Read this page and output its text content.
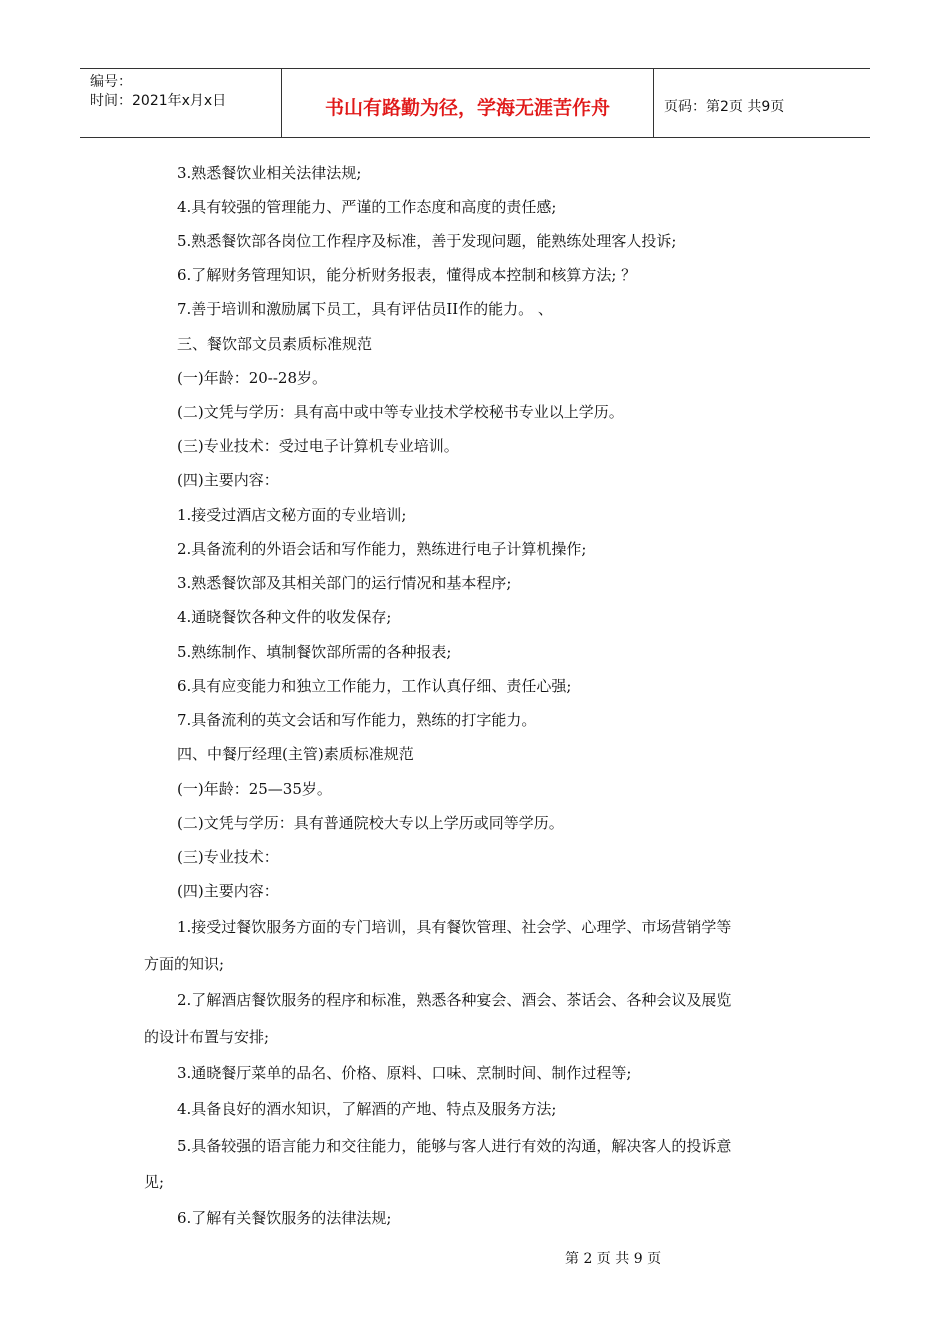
编号：
时间：2021年x月x日	书山有路勤为径，学海无涯苦作舟	页码：第2页 共9页
3.熟悉餐饮业相关法律法规;
4.具有较强的管理能力、严谨的工作态度和高度的责任感;
5.熟悉餐饮部各岗位工作程序及标准，善于发现问题，能熟练处理客人投诉;
6.了解财务管理知识，能分析财务报表，懂得成本控制和核算方法; ？
7.善于培训和激励属下员工，具有评估员II作的能力。 、
三、餐饮部文员素质标准规范
(一)年龄：20--28岁。
(二)文凭与学历：具有高中或中等专业技术学校秘书专业以上学历。
(三)专业技术：受过电子计算机专业培训。
(四)主要内容：
1.接受过酒店文秘方面的专业培训;
2.具备流利的外语会话和写作能力，熟练进行电子计算机操作;
3.熟悉餐饮部及其相关部门的运行情况和基本程序;
4.通晓餐饮各种文件的收发保存;
5.熟练制作、填制餐饮部所需的各种报表;
6.具有应变能力和独立工作能力，工作认真仔细、责任心强;
7.具备流利的英文会话和写作能力，熟练的打字能力。
四、中餐厅经理(主管)素质标准规范
(一)年龄：25—35岁。
(二)文凭与学历：具有普通院校大专以上学历或同等学历。
(三)专业技术：
(四)主要内容：
1.接受过餐饮服务方面的专门培训，具有餐饮管理、社会学、心理学、市场营销学等
方面的知识;
2.了解酒店餐饮服务的程序和标准，熟悉各种宴会、酒会、茶话会、各种会议及展览
的设计布置与安排;
3.通晓餐厅菜单的品名、价格、原料、口味、烹制时间、制作过程等;
4.具备良好的酒水知识，了解酒的产地、特点及服务方法;
5.具备较强的语言能力和交往能力，能够与客人进行有效的沟通，解决客人的投诉意
见;
6.了解有关餐饮服务的法律法规;
第 2 页 共 9 页
